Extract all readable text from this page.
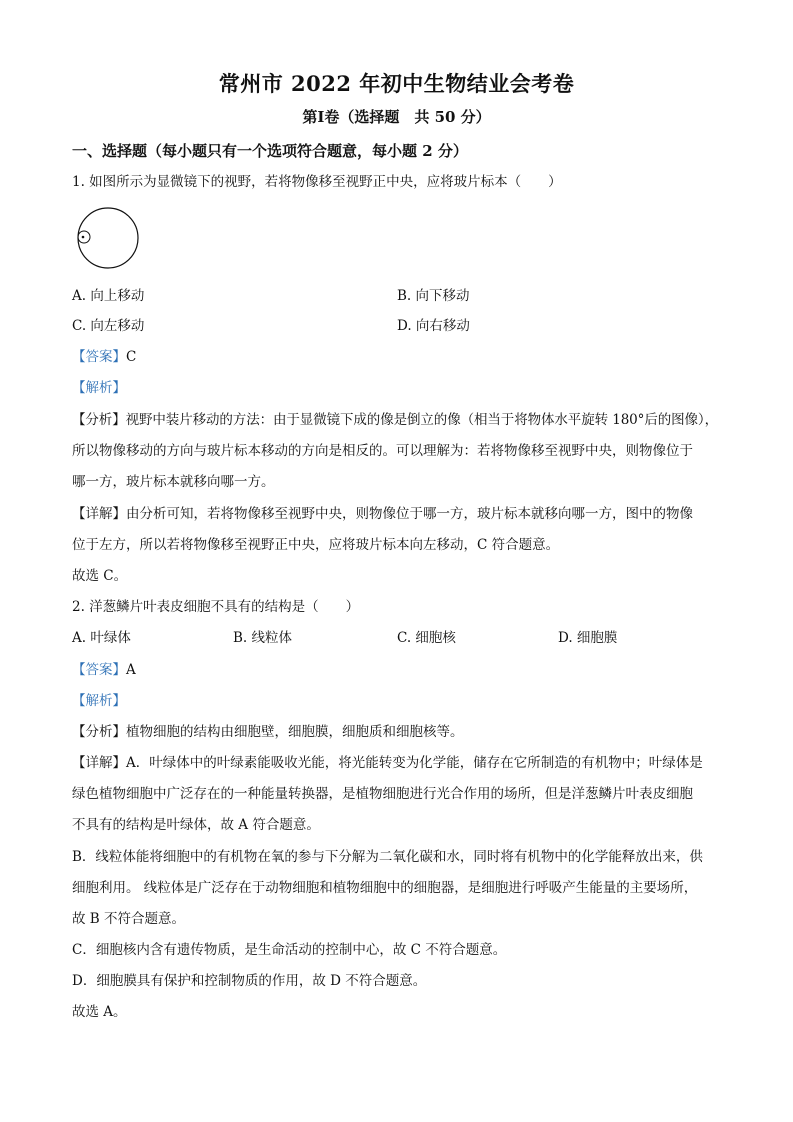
常州市 2022 年初中生物结业会考卷
第Ⅰ卷（选择题　共 50 分）
一、选择题（每小题只有一个选项符合题意，每小题 2 分）
1. 如图所示为显微镜下的视野，若将物像移至视野正中央，应将玻片标本（　　）
A. 向上移动	B. 向下移动
C. 向左移动	D. 向右移动
【答案】C
【解析】
【分析】视野中装片移动的方法：由于显微镜下成的像是倒立的像（相当于将物体水平旋转 180°后的图像），
所以物像移动的方向与玻片标本移动的方向是相反的。可以理解为：若将物像移至视野中央，则物像位于
哪一方，玻片标本就移向哪一方。
【详解】由分析可知，若将物像移至视野中央，则物像位于哪一方，玻片标本就移向哪一方，图中的物像
位于左方，所以若将物像移至视野正中央，应将玻片标本向左移动，C 符合题意。
故选 C。
2. 洋葱鳞片叶表皮细胞不具有的结构是（　　）
A. 叶绿体	B. 线粒体	C. 细胞核	D. 细胞膜
【答案】A
【解析】
【分析】植物细胞的结构由细胞壁，细胞膜，细胞质和细胞核等。
【详解】A．叶绿体中的叶绿素能吸收光能，将光能转变为化学能，储存在它所制造的有机物中；叶绿体是
绿色植物细胞中广泛存在的一种能量转换器，是植物细胞进行光合作用的场所，但是洋葱鳞片叶表皮细胞
不具有的结构是叶绿体，故 A 符合题意。
B．线粒体能将细胞中的有机物在氧的参与下分解为二氧化碳和水，同时将有机物中的化学能释放出来，供
细胞利用。 线粒体是广泛存在于动物细胞和植物细胞中的细胞器，是细胞进行呼吸产生能量的主要场所，
故 B 不符合题意。
C．细胞核内含有遗传物质，是生命活动的控制中心，故 C 不符合题意。
D．细胞膜具有保护和控制物质的作用，故 D 不符合题意。
故选 A。
